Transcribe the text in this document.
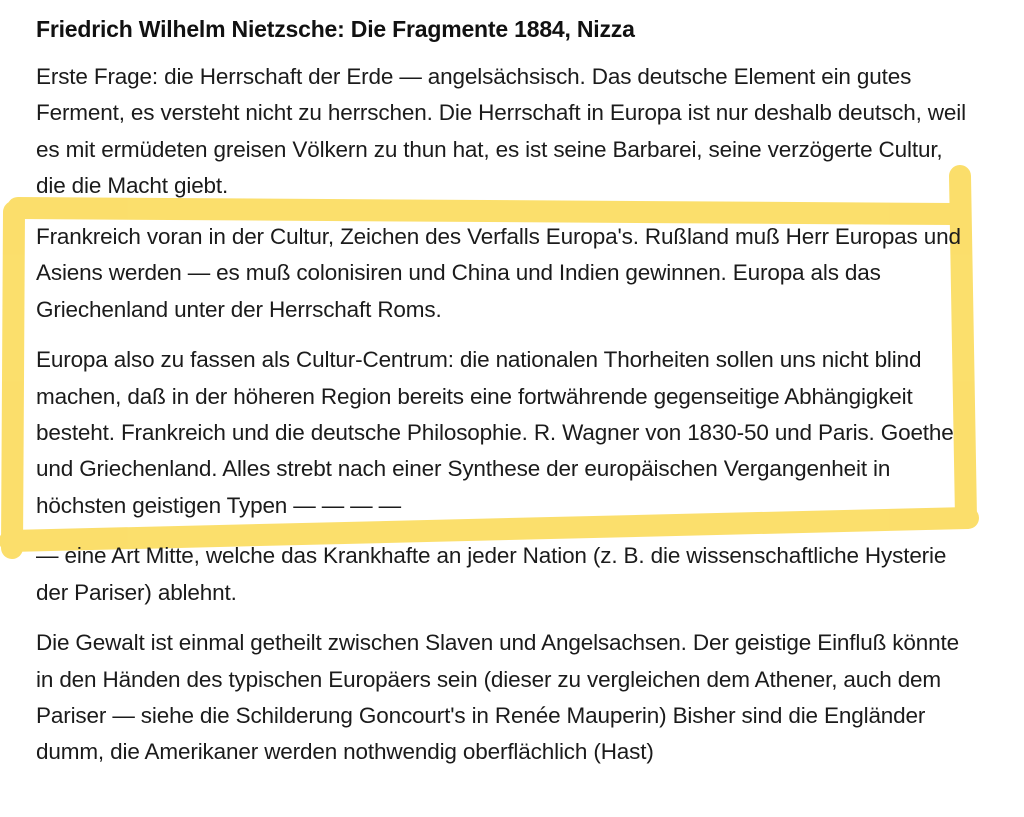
Friedrich Wilhelm Nietzsche: Die Fragmente 1884, Nizza

Erste Frage: die Herrschaft der Erde — angelsächsisch. Das deutsche Element ein gutes Ferment, es versteht nicht zu herrschen. Die Herrschaft in Europa ist nur deshalb deutsch, weil es mit ermüdeten greisen Völkern zu thun hat, es ist seine Barbarei, seine verzögerte Cultur, die die Macht giebt.

Frankreich voran in der Cultur, Zeichen des Verfalls Europa's. Rußland muß Herr Europas und Asiens werden — es muß colonisiren und China und Indien gewinnen. Europa als das Griechenland unter der Herrschaft Roms.

Europa also zu fassen als Cultur-Centrum: die nationalen Thorheiten sollen uns nicht blind machen, daß in der höheren Region bereits eine fortwährende gegenseitige Abhängigkeit besteht. Frankreich und die deutsche Philosophie. R. Wagner von 1830-50 und Paris. Goethe und Griechenland. Alles strebt nach einer Synthese der europäischen Vergangenheit in höchsten geistigen Typen — — — —

— eine Art Mitte, welche das Krankhafte an jeder Nation (z. B. die wissenschaftliche Hysterie der Pariser) ablehnt.

Die Gewalt ist einmal getheilt zwischen Slaven und Angelsachsen. Der geistige Einfluß könnte in den Händen des typischen Europäers sein (dieser zu vergleichen dem Athener, auch dem Pariser — siehe die Schilderung Goncourt's in Renée Mauperin) Bisher sind die Engländer dumm, die Amerikaner werden nothwendig oberflächlich (Hast)
